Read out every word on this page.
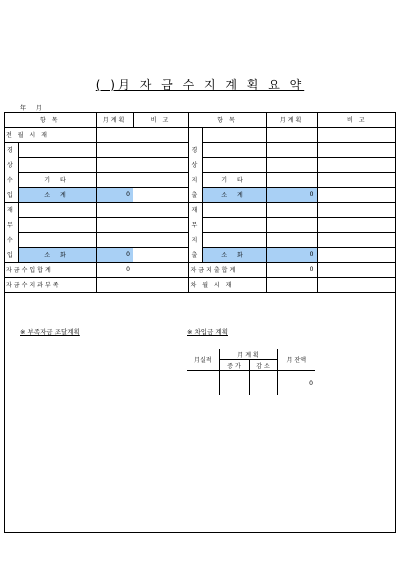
( )月 자 금 수 지 계 획 요 약
年 月
항 목		月계획	비 고	항 목		月계획	비 고
전 월 시 재							
경				경			
상				상			
수	기 타			지	기 타		
입	소 계	0		출	소 계	0	
재				재			
무				무			
수				지			
입	소 화	0		출	소 화	0	
자금수입합계		0		자금지출합계		0	
자금수지과부족				차 월 시 재			
※ 부족자금 조달계획	※ 차입금 계획
月실적	月 계 획		月 잔액
	증 가	감 소	
			0
